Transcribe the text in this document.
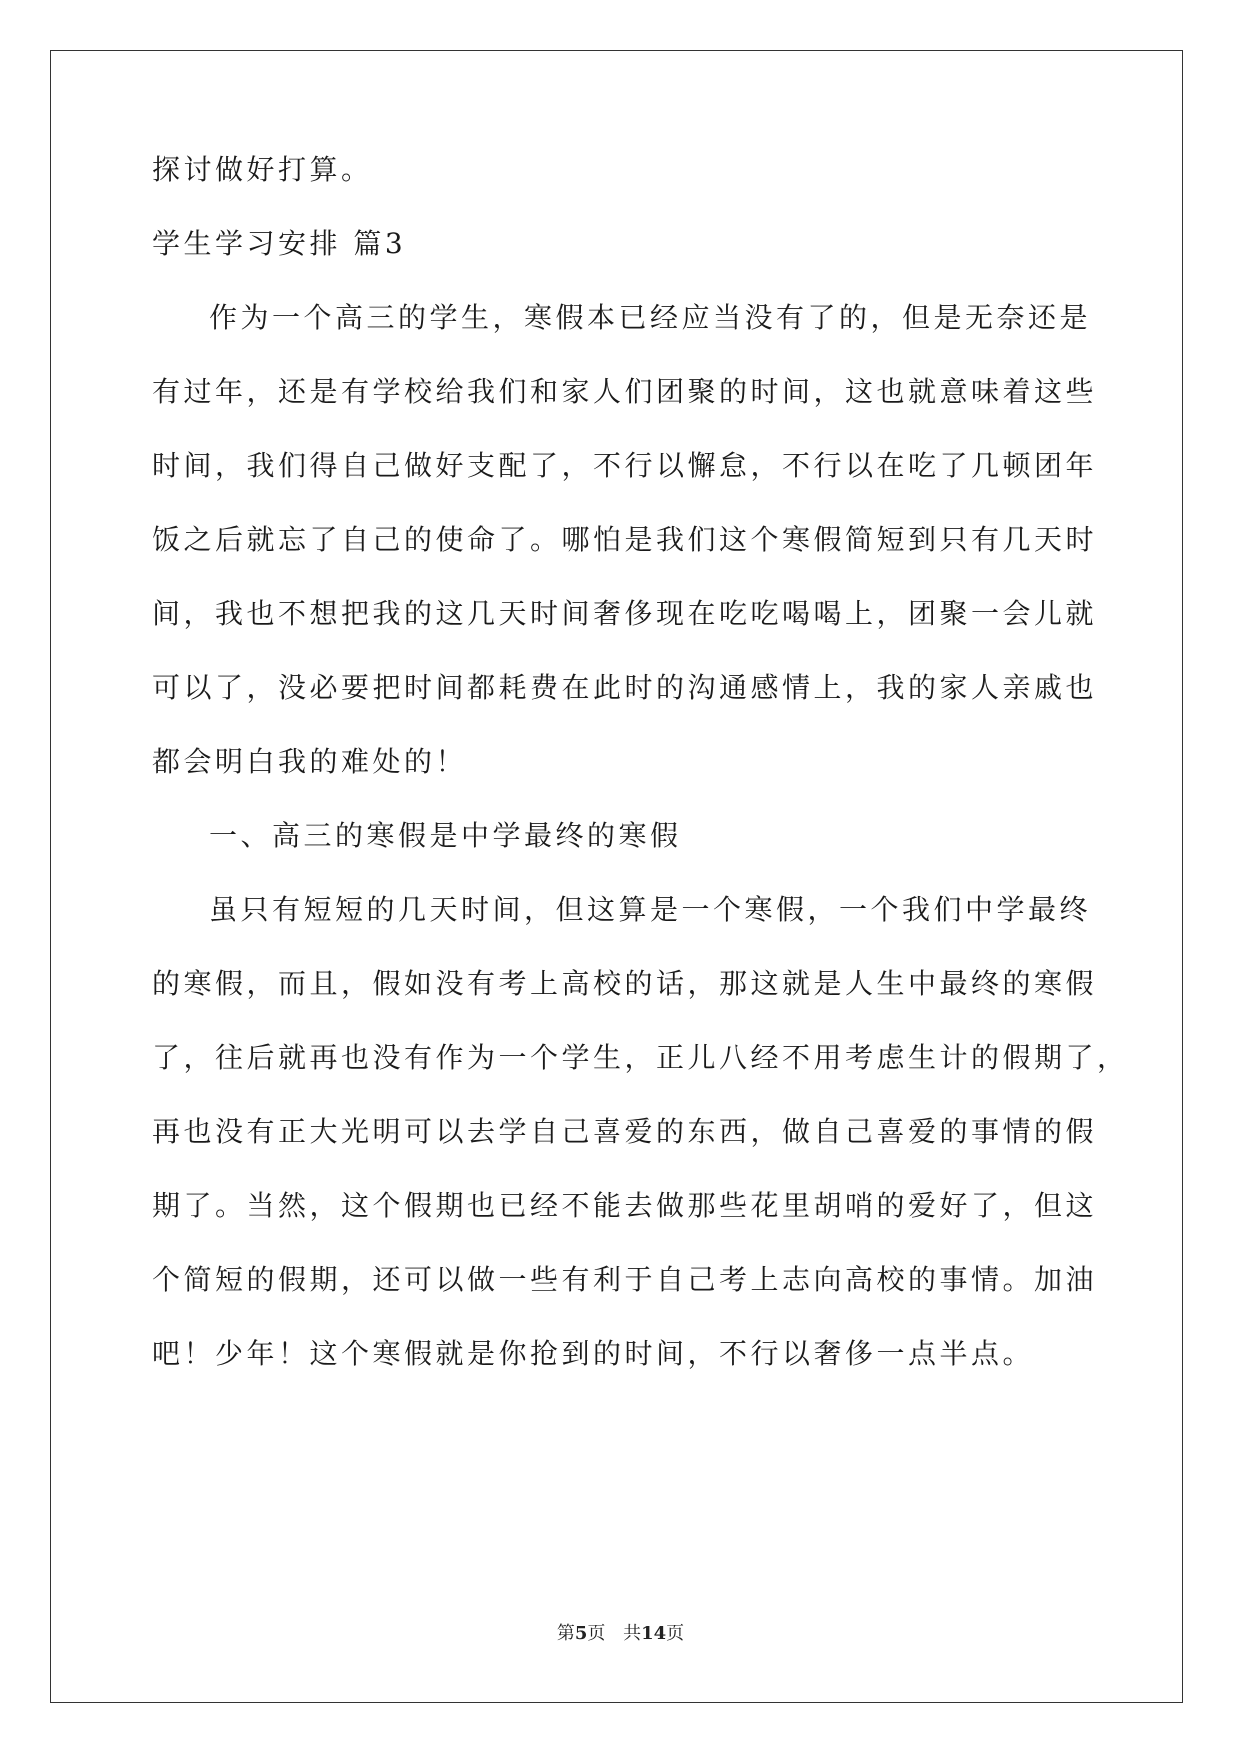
探讨做好打算。
学生学习安排 篇3
作为一个高三的学生，寒假本已经应当没有了的，但是无奈还是
有过年，还是有学校给我们和家人们团聚的时间，这也就意味着这些
时间，我们得自己做好支配了，不行以懈怠，不行以在吃了几顿团年
饭之后就忘了自己的使命了。哪怕是我们这个寒假简短到只有几天时
间，我也不想把我的这几天时间奢侈现在吃吃喝喝上，团聚一会儿就
可以了，没必要把时间都耗费在此时的沟通感情上，我的家人亲戚也
都会明白我的难处的！
一、高三的寒假是中学最终的寒假
虽只有短短的几天时间，但这算是一个寒假，一个我们中学最终
的寒假，而且，假如没有考上高校的话，那这就是人生中最终的寒假
了，往后就再也没有作为一个学生，正儿八经不用考虑生计的假期了，
再也没有正大光明可以去学自己喜爱的东西，做自己喜爱的事情的假
期了。当然，这个假期也已经不能去做那些花里胡哨的爱好了，但这
个简短的假期，还可以做一些有利于自己考上志向高校的事情。加油
吧！少年！这个寒假就是你抢到的时间，不行以奢侈一点半点。
第5页 共14页
